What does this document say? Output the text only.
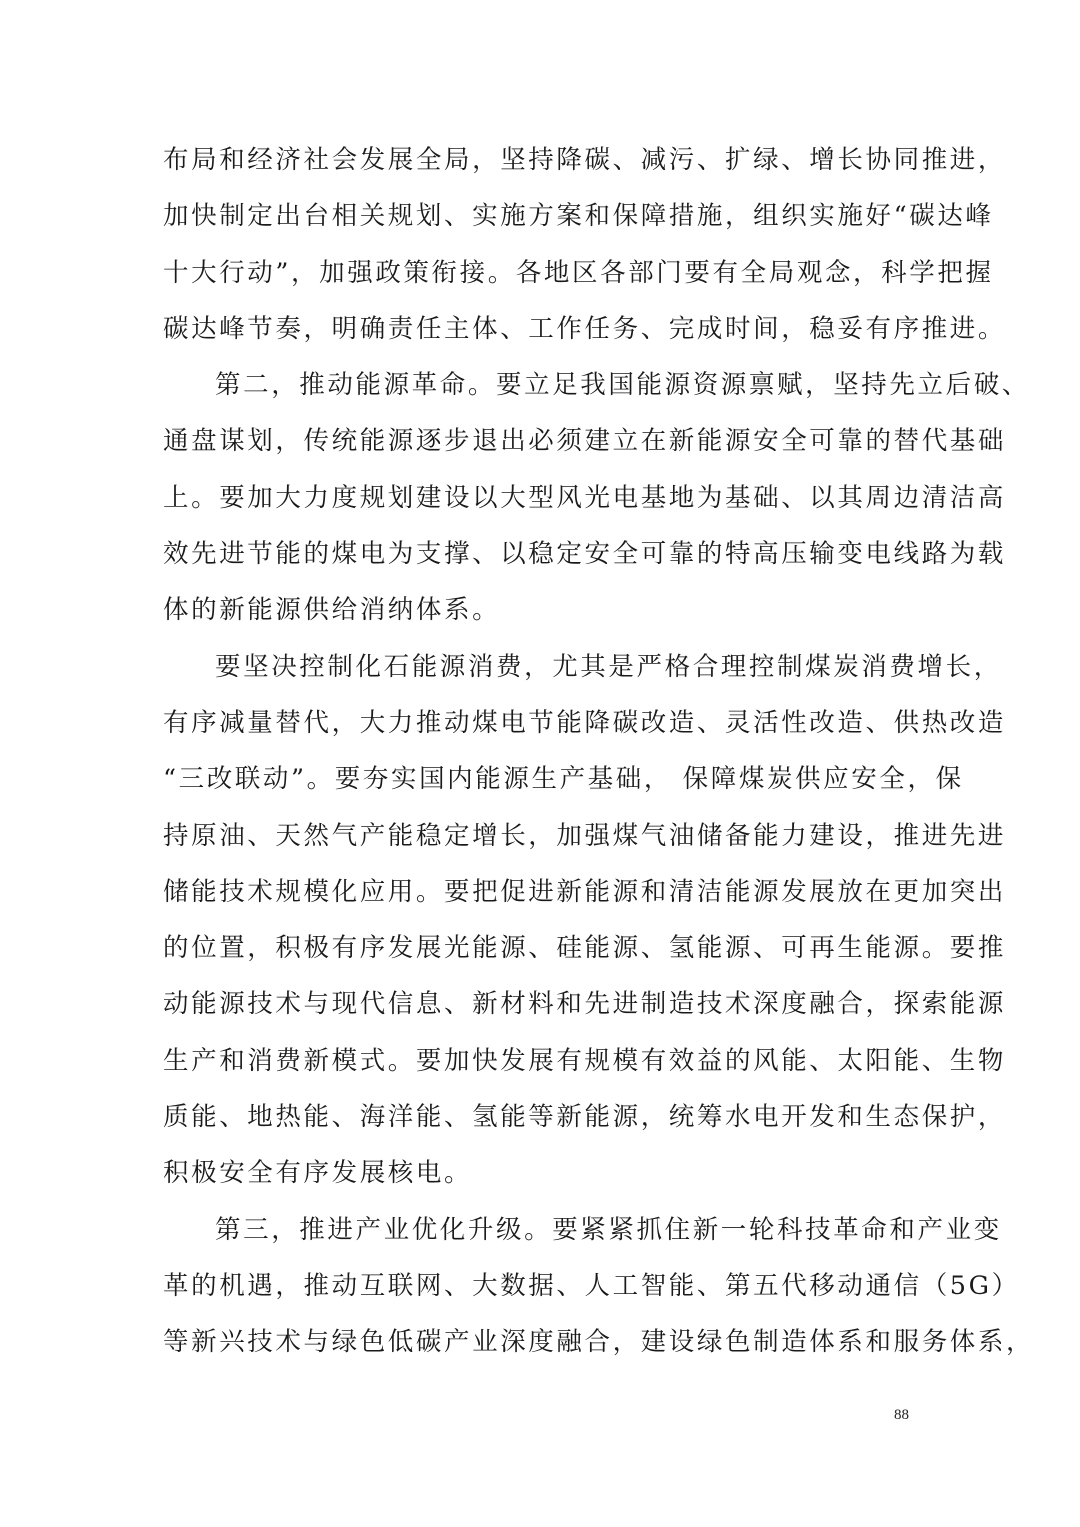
布局和经济社会发展全局，坚持降碳、减污、扩绿、增长协同推进，
加快制定出台相关规划、实施方案和保障措施，组织实施好“碳达峰
十大行动”，加强政策衔接。各地区各部门要有全局观念，科学把握
碳达峰节奏，明确责任主体、工作任务、完成时间，稳妥有序推进。
第二，推动能源革命。要立足我国能源资源禀赋，坚持先立后破、
通盘谋划，传统能源逐步退出必须建立在新能源安全可靠的替代基础
上。要加大力度规划建设以大型风光电基地为基础、以其周边清洁高
效先进节能的煤电为支撑、以稳定安全可靠的特高压输变电线路为载
体的新能源供给消纳体系。
要坚决控制化石能源消费，尤其是严格合理控制煤炭消费增长，
有序减量替代，大力推动煤电节能降碳改造、灵活性改造、供热改造
“三改联动”。要夯实国内能源生产基础， 保障煤炭供应安全，保
持原油、天然气产能稳定增长，加强煤气油储备能力建设，推进先进
储能技术规模化应用。要把促进新能源和清洁能源发展放在更加突出
的位置，积极有序发展光能源、硅能源、氢能源、可再生能源。要推
动能源技术与现代信息、新材料和先进制造技术深度融合，探索能源
生产和消费新模式。要加快发展有规模有效益的风能、太阳能、生物
质能、地热能、海洋能、氢能等新能源，统筹水电开发和生态保护，
积极安全有序发展核电。
第三，推进产业优化升级。要紧紧抓住新一轮科技革命和产业变
革的机遇，推动互联网、大数据、人工智能、第五代移动通信（5G）
等新兴技术与绿色低碳产业深度融合，建设绿色制造体系和服务体系，
88
